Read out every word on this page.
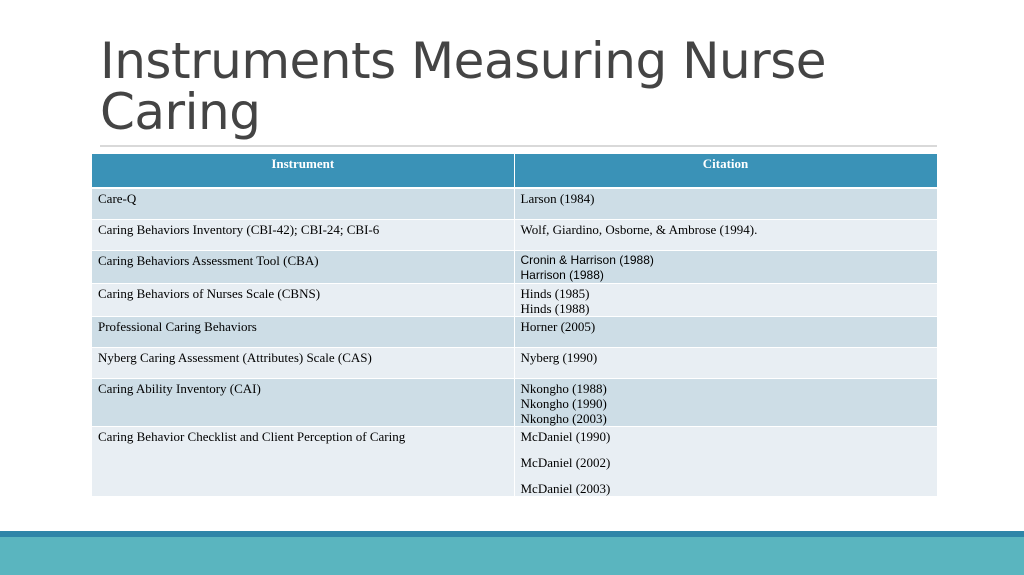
Instruments Measuring Nurse
Caring
Instrument	Citation
Care-Q	Larson (1984)

Caring Behaviors Inventory (CBI-42); CBI-24; CBI-6	Wolf, Giardino, Osborne, & Ambrose (1994).

Caring Behaviors Assessment Tool (CBA)	Cronin & Harrison (1988)
Harrison (1988)

Caring Behaviors of Nurses Scale (CBNS)	Hinds (1985)
Hinds (1988)

Professional Caring Behaviors	Horner (2005)

Nyberg Caring Assessment (Attributes) Scale (CAS)	Nyberg (1990)

Caring Ability Inventory (CAI)	Nkongho (1988)
Nkongho (1990)
Nkongho (2003)

Caring Behavior Checklist and Client Perception of Caring	McDaniel (1990)
McDaniel (2002)
McDaniel (2003)
